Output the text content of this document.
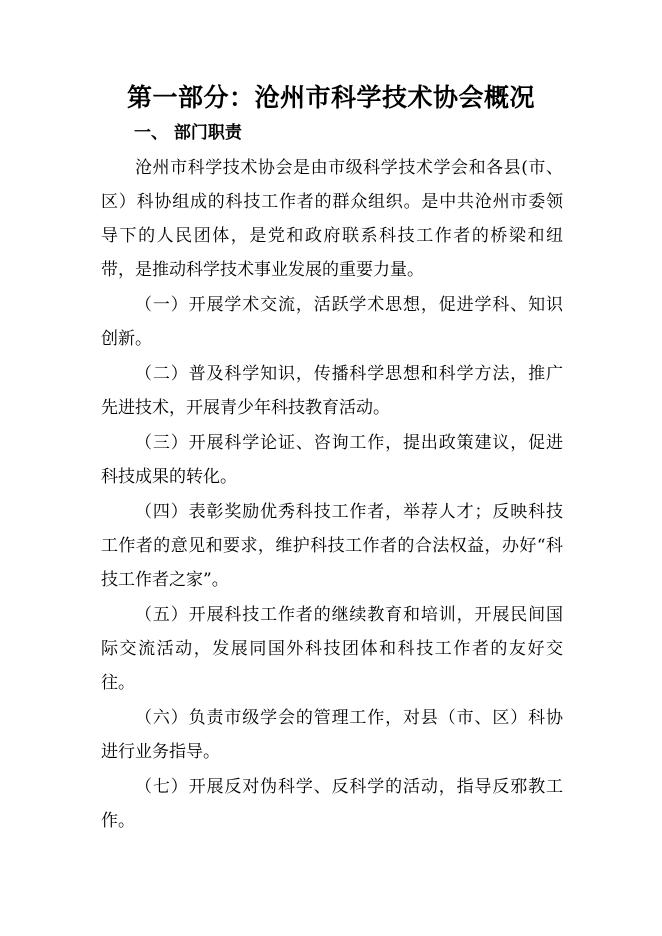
第一部分：沧州市科学技术协会概况
一、 部门职责
沧州市科学技术协会是由市级科学技术学会和各县(市、
区）科协组成的科技工作者的群众组织。是中共沧州市委领
导下的人民团体，是党和政府联系科技工作者的桥梁和纽
带，是推动科学技术事业发展的重要力量。
（一）开展学术交流，活跃学术思想，促进学科、知识
创新。
（二）普及科学知识，传播科学思想和科学方法，推广
先进技术，开展青少年科技教育活动。
（三）开展科学论证、咨询工作，提出政策建议，促进
科技成果的转化。
（四）表彰奖励优秀科技工作者，举荐人才；反映科技
工作者的意见和要求，维护科技工作者的合法权益，办好“科
技工作者之家”。
（五）开展科技工作者的继续教育和培训，开展民间国
际交流活动，发展同国外科技团体和科技工作者的友好交
往。
（六）负责市级学会的管理工作，对县（市、区）科协
进行业务指导。
（七）开展反对伪科学、反科学的活动，指导反邪教工
作。
